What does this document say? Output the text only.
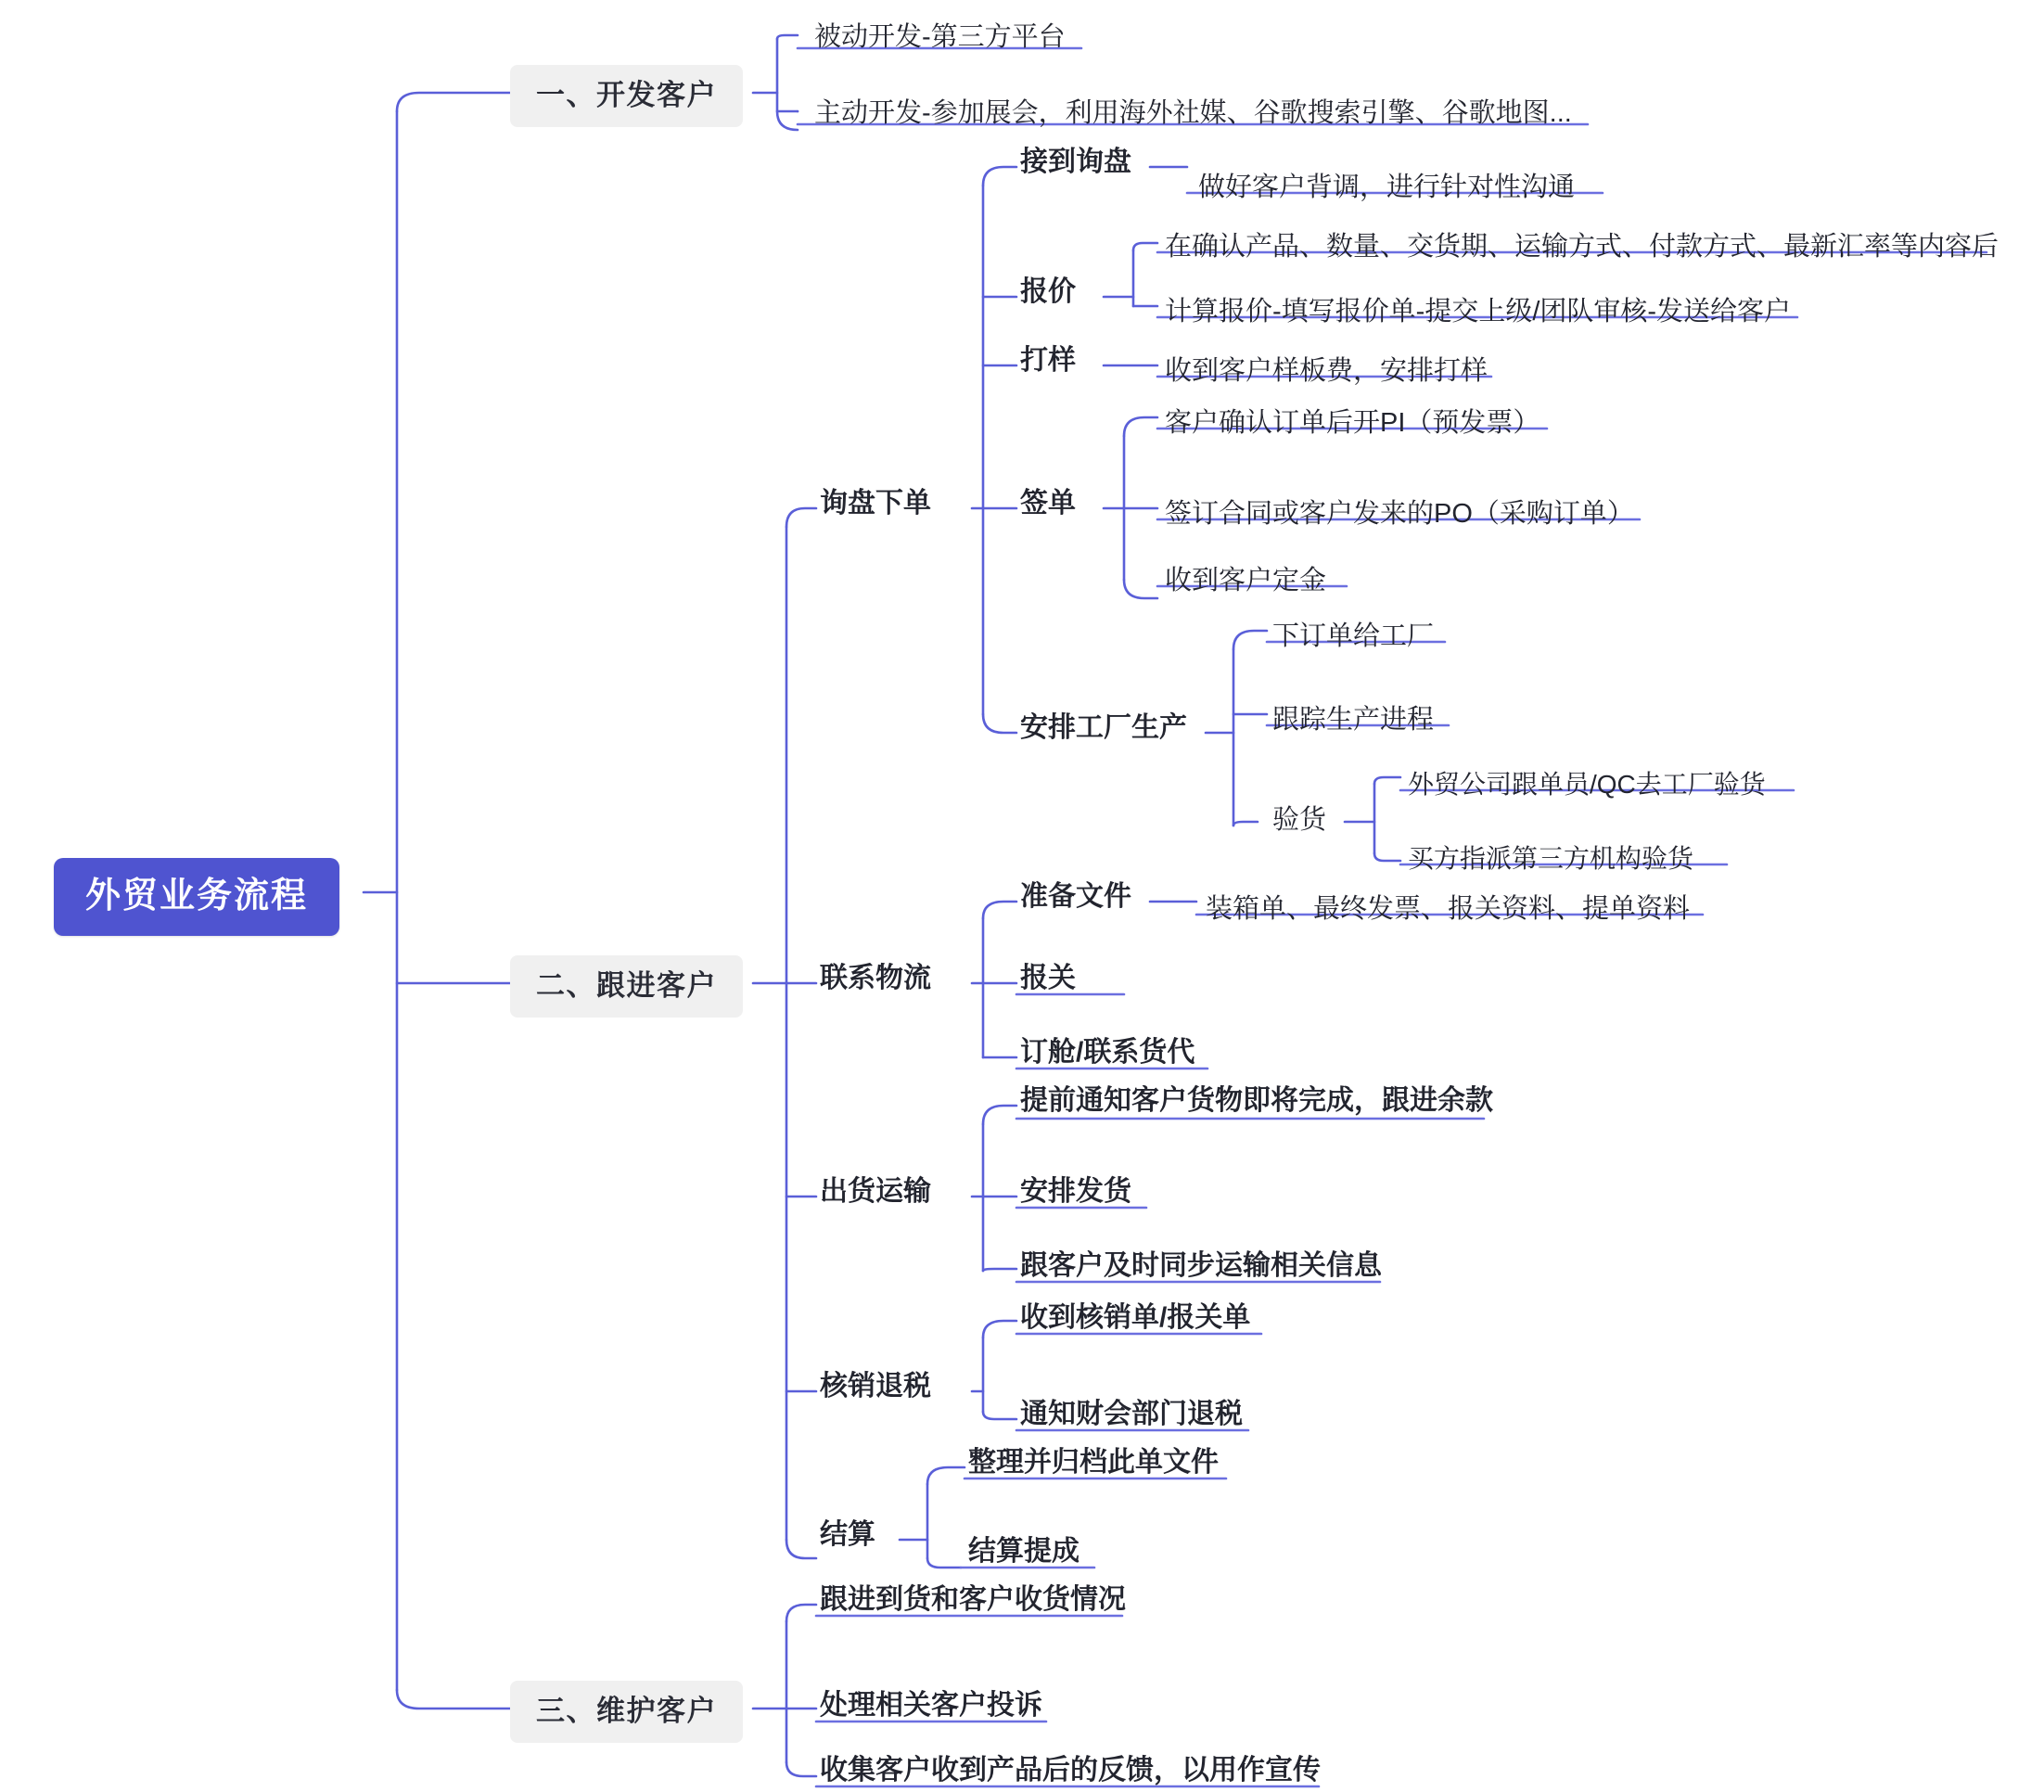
外贸业务流程
一、开发客户
二、跟进客户
三、维护客户
被动开发-第三方平台
主动开发-参加展会，利用海外社媒、谷歌搜索引擎、谷歌地图...
询盘下单
联系物流
出货运输
核销退税
结算
接到询盘
报价
打样
签单
安排工厂生产
做好客户背调，进行针对性沟通
在确认产品、数量、交货期、运输方式、付款方式、最新汇率等内容后
计算报价-填写报价单-提交上级/团队审核-发送给客户
收到客户样板费，安排打样
客户确认订单后开PI（预发票）
签订合同或客户发来的PO（采购订单）
收到客户定金
下订单给工厂
跟踪生产进程
验货
外贸公司跟单员/QC去工厂验货
买方指派第三方机构验货
准备文件
报关
订舱/联系货代
装箱单、最终发票、报关资料、提单资料
提前通知客户货物即将完成，跟进余款
安排发货
跟客户及时同步运输相关信息
收到核销单/报关单
通知财会部门退税
整理并归档此单文件
结算提成
跟进到货和客户收货情况
处理相关客户投诉
收集客户收到产品后的反馈，以用作宣传
